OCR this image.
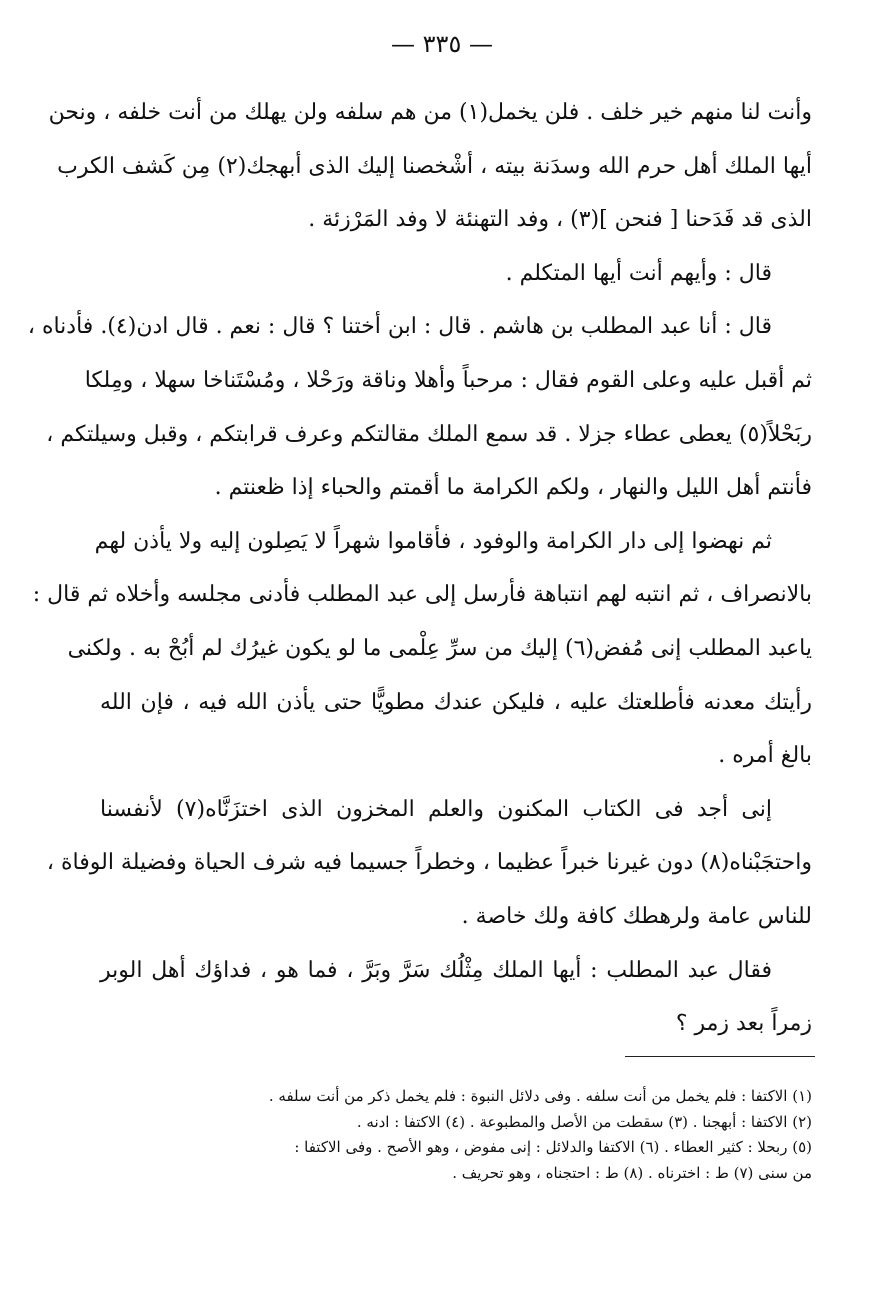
— ٣٣٥ —
وأنت لنا منهم خير خلف . فلن يخمل(١) من هم سلفه ولن يهلك من أنت خلفه ، ونحن
أيها الملك أهل حرم الله وسدَنة بيته ، أشْخصنا إليك الذى أبهجك(٢) مِن كَشف الكرب
الذى قد فَدَحنا [ فنحن ](٣) ، وفد التهنئة لا وفد المَرْزئة .
قال : وأيهم أنت أيها المتكلم .
قال : أنا عبد المطلب بن هاشم . قال : ابن أختنا ؟ قال : نعم . قال ادن(٤). فأدناه ،
ثم أقبل عليه وعلى القوم فقال : مرحباً وأهلا وناقة ورَحْلا ، ومُسْتَناخا سهلا ، ومِلكا
ربَحْلاً(٥) يعطى عطاء جزلا . قد سمع الملك مقالتكم وعرف قرابتكم ، وقبل وسيلتكم ،
فأنتم أهل الليل والنهار ، ولكم الكرامة ما أقمتم والحباء إذا ظعنتم .
ثم نهضوا إلى دار الكرامة والوفود ، فأقاموا شهراً لا يَصِلون إليه ولا يأذن لهم
بالانصراف ، ثم انتبه لهم انتباهة فأرسل إلى عبد المطلب فأدنى مجلسه وأخلاه ثم قال :
ياعبد المطلب إنى مُفض(٦) إليك من سرِّ عِلْمى ما لو يكون غيرُك لم أبُحْ به . ولكنى
رأيتك معدنه فأطلعتك عليه ، فليكن عندك مطويًّا حتى يأذن الله فيه ، فإن الله
بالغ أمره .
إنى أجد فى الكتاب المكنون والعلم المخزون الذى اختزَنَّاه(٧) لأنفسنا
واحتجَبْناه(٨) دون غيرنا خبراً عظيما ، وخطراً جسيما فيه شرف الحياة وفضيلة الوفاة ،
للناس عامة ولرهطك كافة ولك خاصة .
فقال عبد المطلب : أيها الملك مِثْلُك سَرَّ وبَرَّ ، فما هو ، فداؤك أهل الوبر
زمراً بعد زمر ؟
(١) الاكتفا : فلم يخمل من أنت سلفه . وفى دلائل النبوة : فلم يخمل ذكر من أنت سلفه .
(٢) الاكتفا : أبهجنا . (٣) سقطت من الأصل والمطبوعة . (٤) الاكتفا : ادنه .
(٥) ربحلا : كثير العطاء . (٦) الاكتفا والدلائل : إنى مفوض ، وهو الأصح . وفى الاكتفا :
من سنى (٧) ط : اخترناه . (٨) ط : احتجناه ، وهو تحريف .
